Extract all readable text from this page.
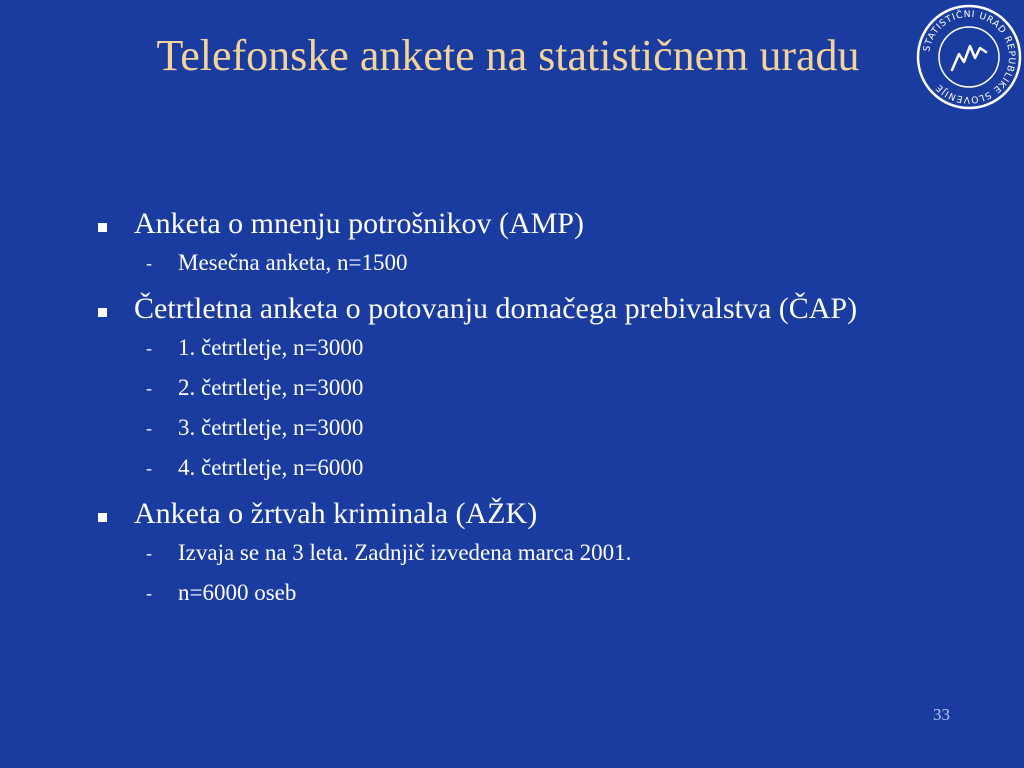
Telefonske ankete na statističnem uradu	STATISTIČNI URAD REPUBLIKE SLOVENIJE
Anketa o mnenju potrošnikov (AMP)
- Mesečna anketa, n=1500
Četrtletna anketa o potovanju domačega prebivalstva (ČAP)
- 1. četrtletje, n=3000
- 2. četrtletje, n=3000
- 3. četrtletje, n=3000
- 4. četrtletje, n=6000
Anketa o žrtvah kriminala (AŽK)
- Izvaja se na 3 leta. Zadnjič izvedena marca 2001.
- n=6000 oseb
33
